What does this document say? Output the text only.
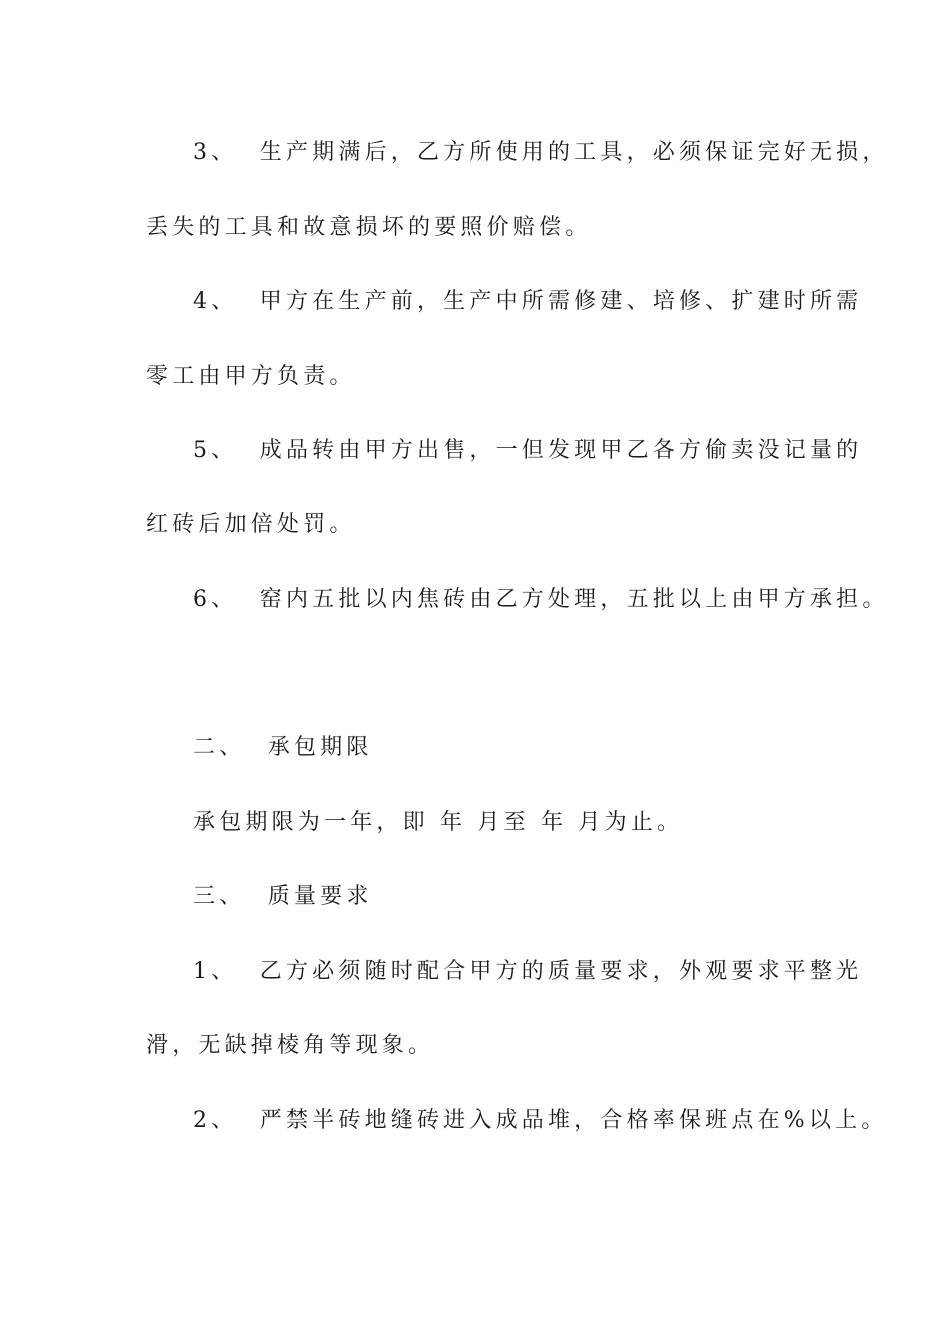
3、  生产期满后，乙方所使用的工具，必须保证完好无损，

丢失的工具和故意损坏的要照价赔偿。

4、  甲方在生产前，生产中所需修建、培修、扩建时所需

零工由甲方负责。

5、  成品转由甲方出售，一但发现甲乙各方偷卖没记量的

红砖后加倍处罚。

6、  窑内五批以内焦砖由乙方处理，五批以上由甲方承担。

二、  承包期限

承包期限为一年，即 年 月至 年 月为止。

三、  质量要求

1、  乙方必须随时配合甲方的质量要求，外观要求平整光

滑，无缺掉棱角等现象。

2、  严禁半砖地缝砖进入成品堆，合格率保班点在%以上。
